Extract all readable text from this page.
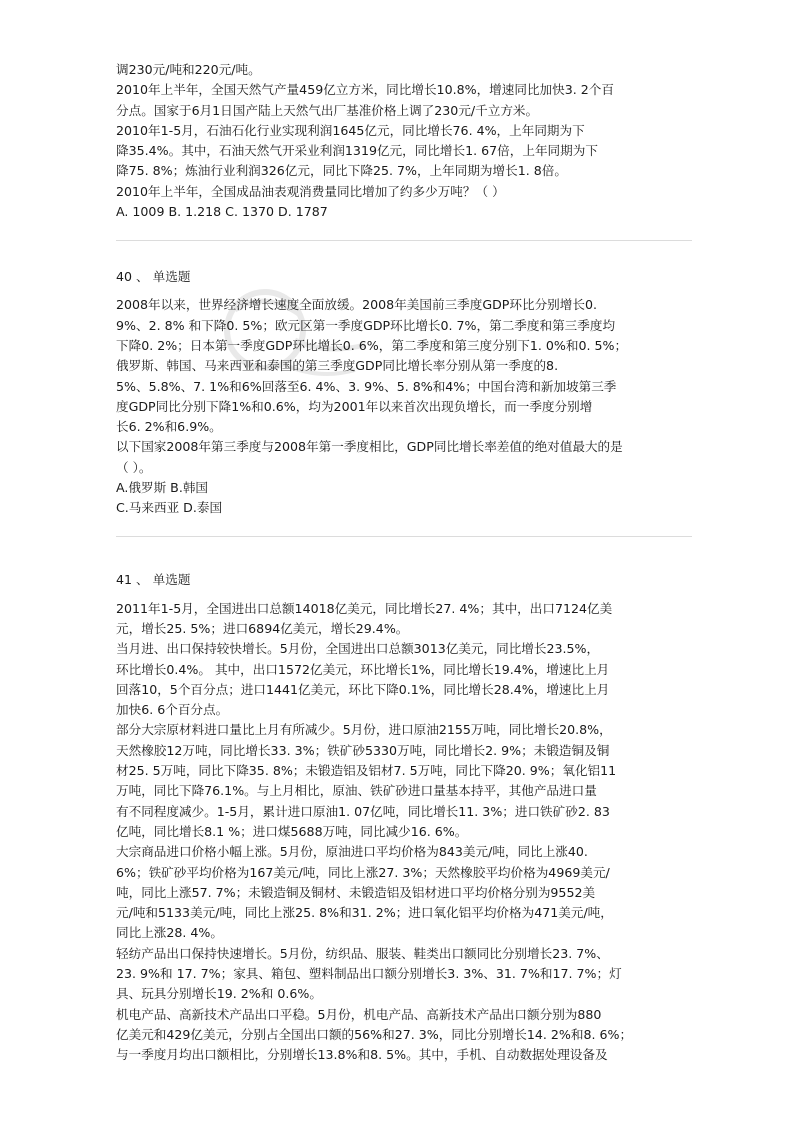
调230元/吨和220元/吨。

2010年上半年，全国天然气产量459亿立方米，同比增长10.8%，增速同比加快3. 2个百

分点。国家于6月1日国产陆上天然气出厂基准价格上调了230元/千立方米。

2010年1-5月，石油石化行业实现利润1645亿元，同比增长76. 4%，上年同期为下

降35.4%。其中，石油天然气开采业利润1319亿元，同比增长1. 67倍，上年同期为下

降75. 8%；炼油行业利润326亿元，同比下降25. 7%，上年同期为增长1. 8倍。

2010年上半年，全国成品油表观消费量同比增加了约多少万吨？（ ）

A. 1009 B. 1.218 C. 1370 D. 1787

40 、 单选题

2008年以来，世界经济增长速度全面放缓。2008年美国前三季度GDP环比分别增长0.

9%、2. 8% 和下降0. 5%；欧元区第一季度GDP环比增长0. 7%，第二季度和第三季度均

下降0. 2%；日本第一季度GDP环比增长0. 6%，第二季度和第三度分别下1. 0%和0. 5%；

俄罗斯、韩国、马来西亚和泰国的第三季度GDP同比增长率分别从第一季度的8.

5%、5.8%、7. 1%和6%回落至6. 4%、3. 9%、5. 8%和4%；中国台湾和新加坡第三季

度GDP同比分别下降1%和0.6%，均为2001年以来首次出现负增长，而一季度分别增

长6. 2%和6.9%。

以下国家2008年第三季度与2008年第一季度相比，GDP同比增长率差值的绝对值最大的是

（ ）。

A.俄罗斯 B.韩国

C.马来西亚 D.泰国

41 、 单选题

2011年1-5月，全国进出口总额14018亿美元，同比增长27. 4%；其中，出口7124亿美

元，增长25. 5%；进口6894亿美元，增长29.4%。

当月进、出口保持较快增长。5月份，全国进出口总额3013亿美元，同比增长23.5%，

环比增长0.4%。 其中，出口1572亿美元，环比增长1%，同比增长19.4%，增速比上月

回落10，5个百分点；进口1441亿美元，环比下降0.1%，同比增长28.4%，增速比上月

加快6. 6个百分点。

部分大宗原材料进口量比上月有所减少。5月份，进口原油2155万吨，同比增长20.8%，

天然橡胶12万吨，同比增长33. 3%；铁矿砂5330万吨，同比增长2. 9%；未锻造铜及铜

材25. 5万吨，同比下降35. 8%；未锻造铝及铝材7. 5万吨，同比下降20. 9%；氧化铝11

万吨，同比下降76.1%。与上月相比，原油、铁矿砂进口量基本持平，其他产品进口量

有不同程度减少。1-5月，累计进口原油1. 07亿吨，同比增长11. 3%；进口铁矿砂2. 83

亿吨，同比增长8.1 %；进口煤5688万吨，同比减少16. 6%。

大宗商品进口价格小幅上涨。5月份，原油进口平均价格为843美元/吨，同比上涨40.

6%；铁矿砂平均价格为167美元/吨，同比上涨27. 3%；天然橡胶平均价格为4969美元/

吨，同比上涨57. 7%；未锻造铜及铜材、未锻造铝及铝材进口平均价格分别为9552美

元/吨和5133美元/吨，同比上涨25. 8%和31. 2%；进口氧化铝平均价格为471美元/吨，

同比上涨28. 4%。

轻纺产品出口保持快速增长。5月份，纺织品、服装、鞋类出口额同比分别增长23. 7%、

23. 9%和 17. 7%；家具、箱包、塑料制品出口额分别增长3. 3%、31. 7%和17. 7%；灯

具、玩具分别增长19. 2%和 0.6%。

机电产品、高新技术产品出口平稳。5月份，机电产品、高新技术产品出口额分别为880

亿美元和429亿美元，分别占全国出口额的56%和27. 3%，同比分别增长14. 2%和8. 6%；

与一季度月均出口额相比，分别增长13.8%和8. 5%。其中，手机、自动数据处理设备及
